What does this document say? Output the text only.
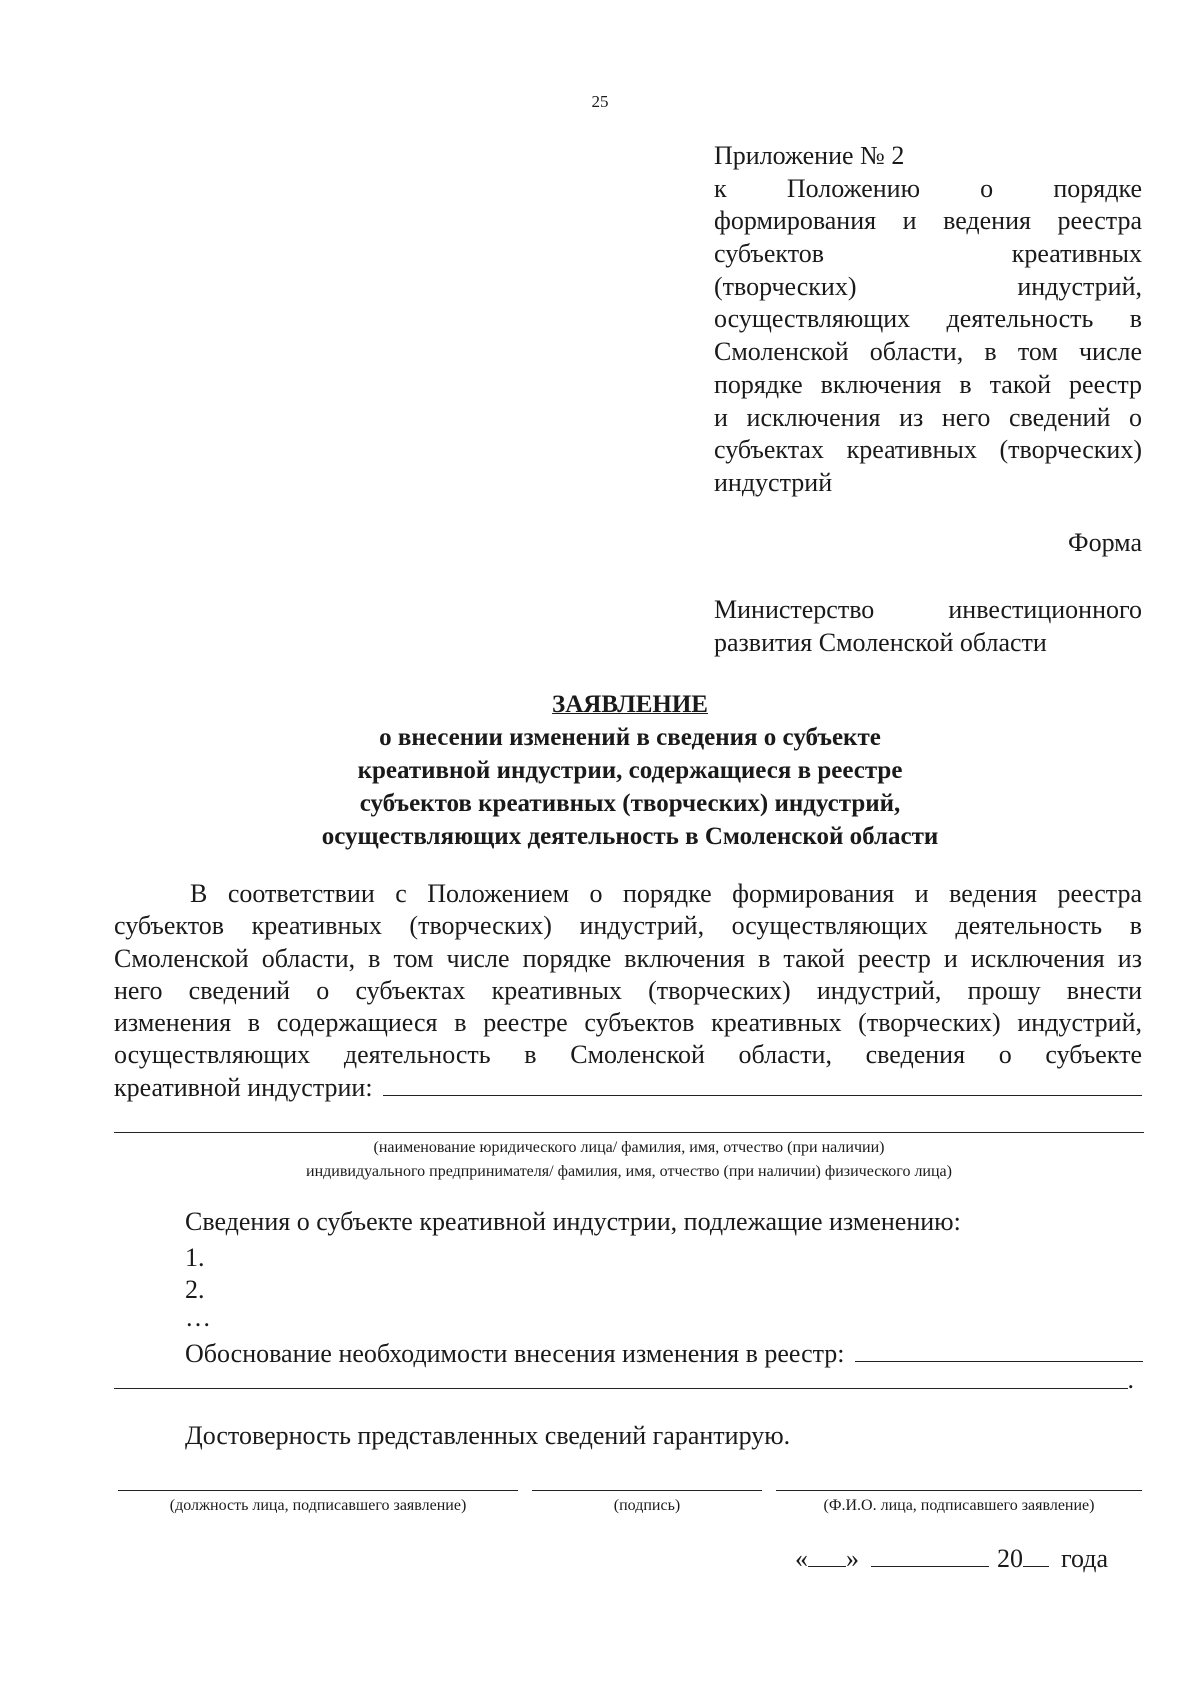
25
Приложение № 2
к Положению о порядке
формирования и ведения реестра
субъектов креативных
(творческих) индустрий,
осуществляющих деятельность в
Смоленской области, в том числе
порядке включения в такой реестр
и исключения из него сведений о
субъектах креативных (творческих)
индустрий
Форма
Министерство инвестиционного
развития Смоленской области
ЗАЯВЛЕНИЕ
о внесении изменений в сведения о субъекте
креативной индустрии, содержащиеся в реестре
субъектов креативных (творческих) индустрий,
осуществляющих деятельность в Смоленской области
В соответствии с Положением о порядке формирования и ведения реестра
субъектов креативных (творческих) индустрий, осуществляющих деятельность в
Смоленской области, в том числе порядке включения в такой реестр и исключения из
него сведений о субъектах креативных (творческих) индустрий, прошу внести
изменения в содержащиеся в реестре субъектов креативных (творческих) индустрий,
осуществляющих деятельность в Смоленской области, сведения о субъекте
креативной индустрии:
(наименование юридического лица/ фамилия, имя, отчество (при наличии)
индивидуального предпринимателя/ фамилия, имя, отчество (при наличии) физического лица)
Сведения о субъекте креативной индустрии, подлежащие изменению:
1.
2.
…
Обоснование необходимости внесения изменения в реестр:
.
Достоверность представленных сведений гарантирую.
(должность лица, подписавшего заявление)	(подпись)	(Ф.И.О. лица, подписавшего заявление)
« »	20 года
